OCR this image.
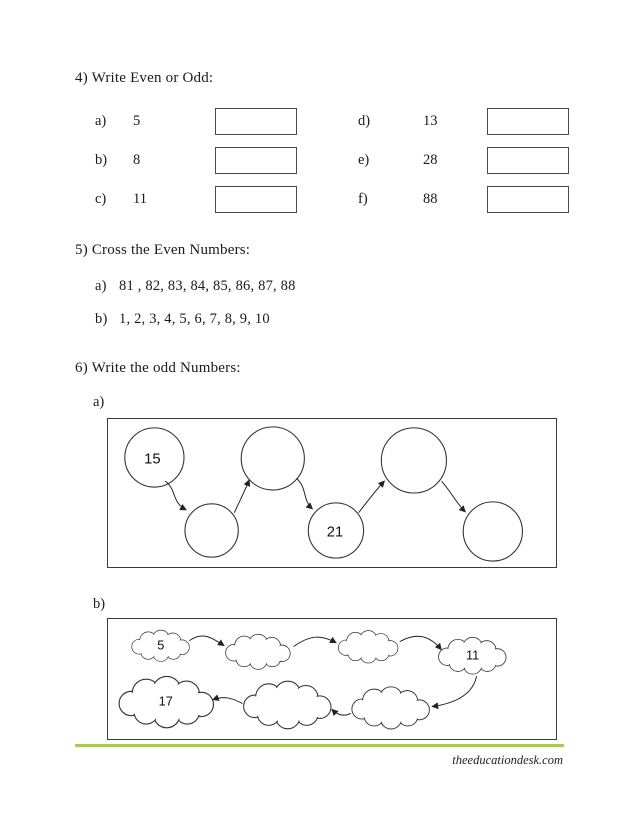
4) Write Even or Odd:
a)	5
b)	8
c)	11
d)	13
e)	28
f)	88
5) Cross the Even Numbers:
a) 81 , 82, 83, 84, 85, 86, 87, 88
b) 1, 2, 3, 4, 5, 6, 7, 8, 9, 10
6) Write the odd Numbers:
a)
15
21
b)
5
11
17
theeducationdesk.com
